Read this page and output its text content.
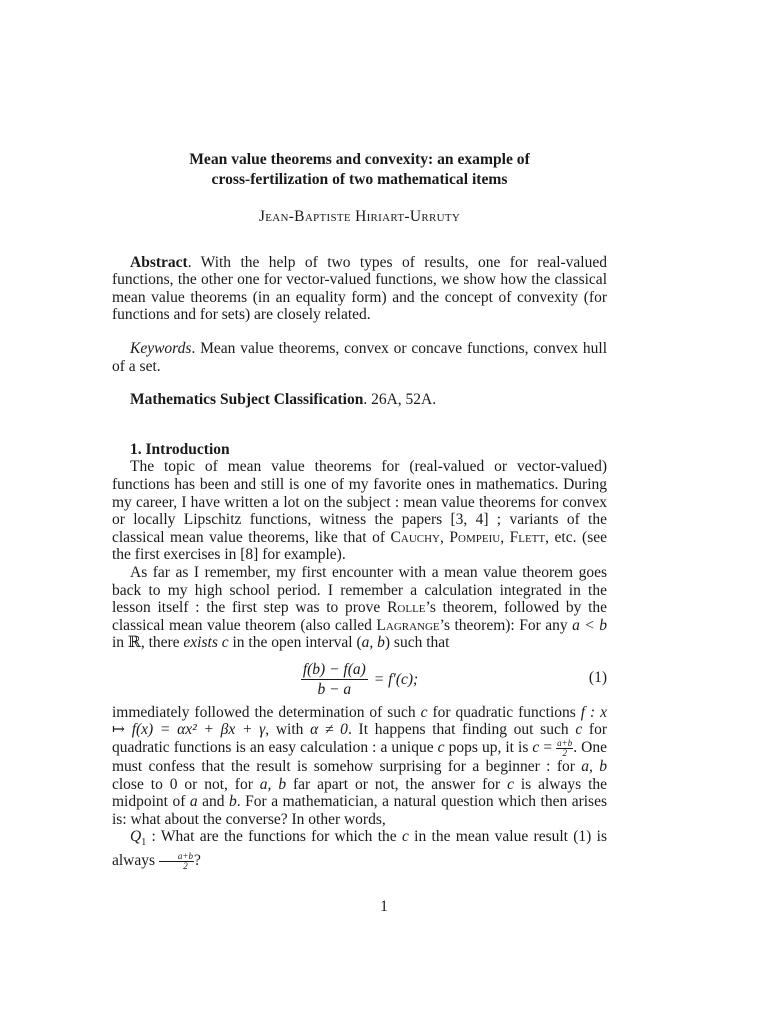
Mean value theorems and convexity: an example of
cross-fertilization of two mathematical items
Jean-Baptiste Hiriart-Urruty

Abstract. With the help of two types of results, one for real-valued functions, the other one for vector-valued functions, we show how the classical mean value theorems (in an equality form) and the concept of convexity (for functions and for sets) are closely related.

Keywords. Mean value theorems, convex or concave functions, convex hull of a set.

Mathematics Subject Classification. 26A, 52A.

1. Introduction

The topic of mean value theorems for (real-valued or vector-valued) functions has been and still is one of my favorite ones in mathematics. During my career, I have written a lot on the subject : mean value theorems for convex or locally Lipschitz functions, witness the papers [3, 4] ; variants of the classical mean value theorems, like that of Cauchy, Pompeiu, Flett, etc. (see the first exercises in [8] for example).

As far as I remember, my first encounter with a mean value theorem goes back to my high school period. I remember a calculation integrated in the lesson itself : the first step was to prove Rolle’s theorem, followed by the classical mean value theorem (also called Lagrange’s theorem): For any a < b in ℝ, there exists c in the open interval (a, b) such that

$\frac{f(b) - f(a)}{b - a} = f'(c)$;	(1)

immediately followed the determination of such c for quadratic functions f : x ↦ f(x) = αx² + βx + γ, with α ≠ 0. It happens that finding out such c for quadratic functions is an easy calculation : a unique c pops up, it is $c = \frac{a+b}{2}$ . One must confess that the result is somehow surprising for a beginner : for a, b close to 0 or not, for a, b far apart or not, the answer for c is always the midpoint of a and b. For a mathematician, a natural question which then arises is: what about the converse? In other words,

$Q_1$ : What are the functions for which the c in the mean value result (1) is always $\frac{a+b}{2}$ ?

1
